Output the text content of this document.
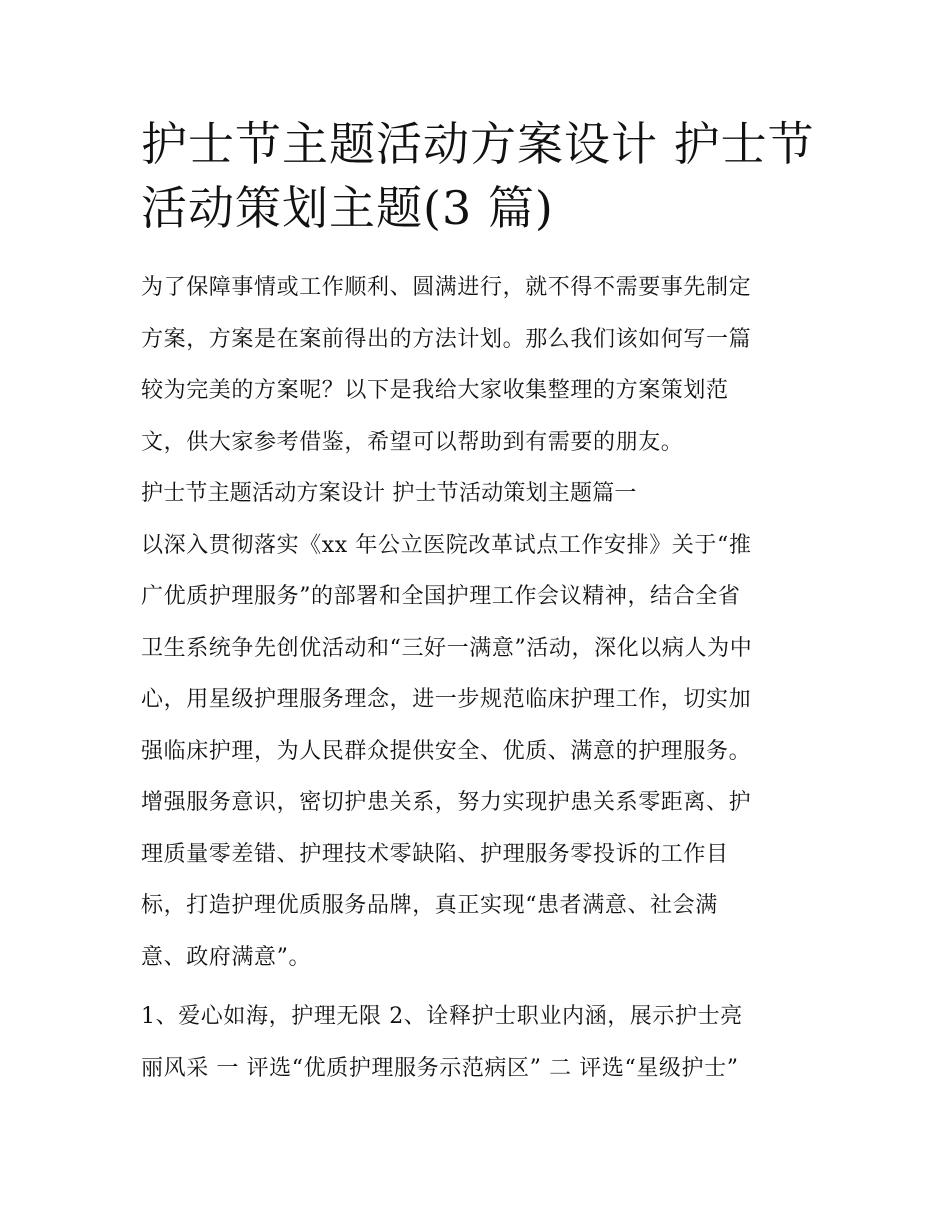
护士节主题活动方案设计 护士节活动策划主题(3 篇)

为了保障事情或工作顺利、圆满进行，就不得不需要事先制定

方案，方案是在案前得出的方法计划。那么我们该如何写一篇

较为完美的方案呢？以下是我给大家收集整理的方案策划范

文，供大家参考借鉴，希望可以帮助到有需要的朋友。

护士节主题活动方案设计 护士节活动策划主题篇一

以深入贯彻落实《xx 年公立医院改革试点工作安排》关于“推

广优质护理服务”的部署和全国护理工作会议精神，结合全省

卫生系统争先创优活动和“三好一满意”活动，深化以病人为中

心，用星级护理服务理念，进一步规范临床护理工作，切实加

强临床护理，为人民群众提供安全、优质、满意的护理服务。

增强服务意识，密切护患关系，努力实现护患关系零距离、护

理质量零差错、护理技术零缺陷、护理服务零投诉的工作目

标，打造护理优质服务品牌，真正实现“患者满意、社会满

意、政府满意”。

1、爱心如海，护理无限 2、诠释护士职业内涵，展示护士亮

丽风采 一 评选“优质护理服务示范病区” 二 评选“星级护士”
